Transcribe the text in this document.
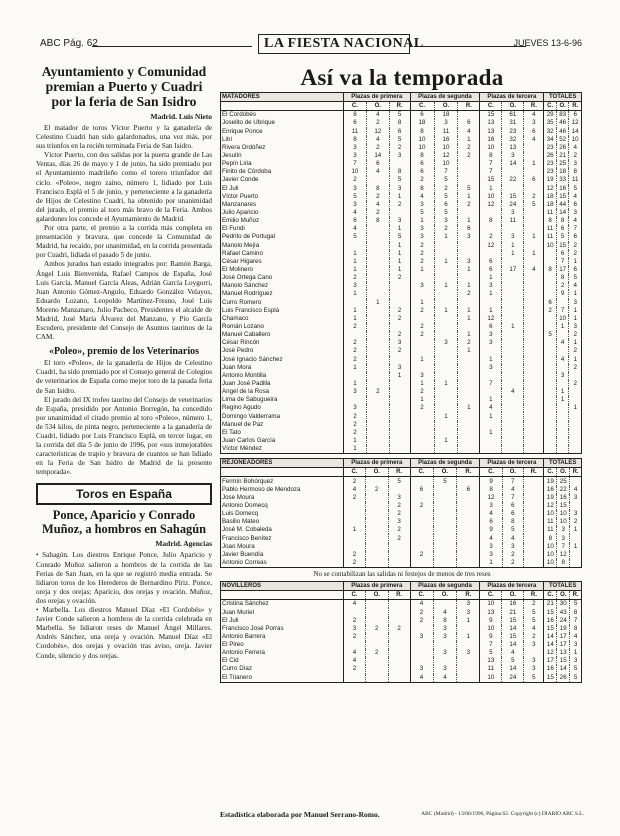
ABC Pág. 62	LA FIESTA NACIONAL	JUEVES 13-6-96
Ayuntamiento y Comunidad premian a Puerto y Cuadri por la feria de San Isidro
Madrid. Luis Nieto

El matador de toros Víctor Puerto y la ganadería de Celestino Cuadri han sido galardonados, una vez más, por sus triunfos en la recién terminada Feria de San Isidro.

Víctor Puerto, con dos salidas por la puerta grande de Las Ventas, días 26 de mayo y 1 de junio, ha sido premiado por el Ayuntamiento madrileño como el torero triunfador del ciclo. «Poleo», negro zaino, número 1, lidiado por Luis Francisco Esplá el 5 de junio, y perteneciente a la ganadería de Hijos de Celestino Cuadri, ha obtenido por unanimidad del jurado, el premio al toro más bravo de la Feria. Ambos galardones los concede el Ayuntamiento de Madrid.

Por otra parte, el premio a la corrida más completa en presentación y bravura, que concede la Comunidad de Madrid, ha recaído, por unanimidad, en la corrida presentada por Cuadri, lidiada el pasado 5 de junio.

Ambos jurados han estado integrados por: Ramón Barga, Ángel Luis Bienvenida, Rafael Campos de España, José Luis García, Manuel García Aleas, Adrián García Loygorri, Juan Antonio Gómez-Angulo, Eduardo González Velayos, Eduardo Lozano, Leopoldo Martínez-Fresno, José Luis Moreno Manzanaro, Julio Pacheco, Presidentes el alcalde de Madrid, José María Álvarez del Manzano, y Pío García Escudero, presidente del Consejo de Asuntos taurinos de la CAM.

«Poleo», premio de los Veterinarios

El toro «Poleo», de la ganadería de Hijos de Celestino Cuadri, ha sido premiado por el Consejo general de Colegios de veterinarios de España como mejor toro de la pasada feria de San Isidro.

El jurado del IX trofeo taurino del Consejo de veterinarios de España, presidido por Antonio Borregón, ha concedido por unanimidad el citado premio al toro «Poleo», número 1, de 534 kilos, de pinta negro, perteneciente a la ganadería de Cuadri, lidiado por Luis Francisco Esplá, en tercer lugar, en la corrida del día 5 de junio de 1996, por «sus inmejorables características de trapío y bravura de cuantos se han lidiado en la Feria de San Isidro de Madrid de la presente temporada».

Toros en España
Ponce, Aparicio y Conrado Muñoz, a hombros en Sahagún
Madrid. Agencias

• Sahagún. Los diestros Enrique Ponce, Julio Aparicio y Conrado Muñoz salieron a hombros de la corrida de las Ferias de San Juan, en la que se registró media entrada. Se lidiaron toros de los Herederos de Bernardino Píriz. Ponce, oreja y dos orejas; Aparicio, dos orejas y ovación. Muñoz, dos orejas y ovación.

• Marbella. Los diestros Manuel Díaz «El Cordobés» y Javier Conde salieron a hombros de la corrida celebrada en Marbella. Se lidiaron reses de Manuel Ángel Millares. Andrés Sánchez, una oreja y ovación. Manuel Díaz «El Cordobés», dos orejas y ovación tras aviso, oreja. Javier Conde, silencio y dos orejas.

Así va la temporada
MATADORES	Plazas de primera			Plazas de segunda			Plazas de tercera			TOTALES		
	C.	O.	R.	C.	O.	R.	C.	O.	R.	C.	O.	R.
El Cordobés	8	4	5	6	18		15	61	4	29	83	6
Joselito de Ubrique	6	2	8	18	3	6	13	31	3	35	46	12
Enrique Ponce	11	12	6	8	11	4	13	23	6	32	46	14
Litri	8	4	5	10	16	1	16	32	4	34	52	10
Rivera Ordóñez	3	2	2	10	10	2	10	13		23	26	4
Jesulín	3	14	3	8	12	2	8	3		26	21	2
Pepín Liria	7	6		6	10		7	14	1	23	25	3
Finito de Córdoba	10	4	8	6	7		7			23	18	8
Javier Conde	2		5	2	5		15	22	6	19	33	11
El Juli	3	8	3	8	2	5	1			12	16	5
Víctor Puerto	5	2	1	4	5	1	10	15	2	18	15	4
Manzanares	3	4	2	3	6	2	12	24	5	18	44	6
Julio Aparicio	4	2		5	5			3		11	14	3
Emilio Muñoz	6	8	3	1	3	1	8	11		8	8	4
El Fundi	4		1	3	2	6				11	6	7
Pedrito de Portugal	5		5	3	1	3	2	3	1	11	5	6
Manolo Mejía			1	2			12	1		10	15	2
Rafael Camino	1		1	2				1	1		6	2
César Higares	1		1	2	1	3	6				7	1
El Molinero	1		1	1		1	6	17	4	8	17	6
José Ortega Cano	2		2				1				8	5
Manolo Sánchez	3			3	1	1	3				2	4
Manuel Rodríguez	1					2	1				9	1
Curro Romero		1		1						6		3
Luis Francisco Esplá	1		2	2	1	1	1			2	7	1
Chamaco	1		2			1	12				10	1
Román Lozano	2			2			6	1			1	3
Manuel Caballero			2	2		1	3			5		2
César Rincón	2		3		3	2	3				4	1
José Pedro	2		2			1						2
José Ignacio Sánchez	2			1			1				4	1
Juan Mora	1		3				3					2
Antonio Montilla			1	3							3	
Juan José Padilla	1			1	1		7					2
Ángel de la Rosa	3	2		2				4			1	
Lima de Sabugueira				1			1				1	
Regino Agudo	3			2		1	4					1
Domingo Valderrama	2				1		1					
Manuel de Paz	2											
El Tato	2						1					
Juan Carlos García	1				1							
Víctor Méndez	1											
REJONEADORES	Plazas de primera			Plazas de segunda			Plazas de tercera			TOTALES		
	C.	O.	R.	C.	O.	R.	C.	O.	R.	C.	O.	R.
Fermín Bohórquez	2		5		5		9	7		19	25	
Pablo Hermoso de Mendoza	4	2		6		6	8	4		16	22	4
Jose Moura	2		3				12	7		19	16	3
Antonio Domecq			2	2			3	6		12	15	
Luis Domecq			2				4	6		10	10	3
Basilio Mateo			3				6	8		11	10	2
José M. Cobaleda	1		2				9	5		11	3	1
Francisco Benítez			2				4	4		8	3	
Joao Moura							3	3		10	7	1
Javier Buendía	2			2			3	2		10	12	
Antonio Correas	2						1	2		10	8	
No se contabilizan las salidas ni festejos de menos de tres reses
NOVILLEROS	Plazas de primera			Plazas de segunda			Plazas de tercera			TOTALES		
	C.	O.	R.	C.	O.	R.	C.	O.	R.	C.	O.	R.
Cristina Sánchez	4			4		3	10	16	2	21	30	5
Juan Muriel				2	4	3	13	21	5	15	43	8
El Juli	2			2	8	1	9	15	5	16	24	7
Francisco José Porras	3	2	2		3		10	14	4	15	19	8
Antonio Barrera	2			3	3	1	9	15	2	14	17	4
El Pireo							7	14	3	14	17	3
Antonio Ferrera	4	2			3	3	5	4		12	13	1
El Cid	4						13	5	3	17	15	3
Curro Díaz	2			3	3		11	14	3	16	14	5
El Trianero				4	4		10	24	5	15	26	5
Estadística elaborada por Manuel Serrano-Romo.	ABC (Madrid) - 13/06/1996, Página 62. Copyright (c) DIARIO ABC S.L.
